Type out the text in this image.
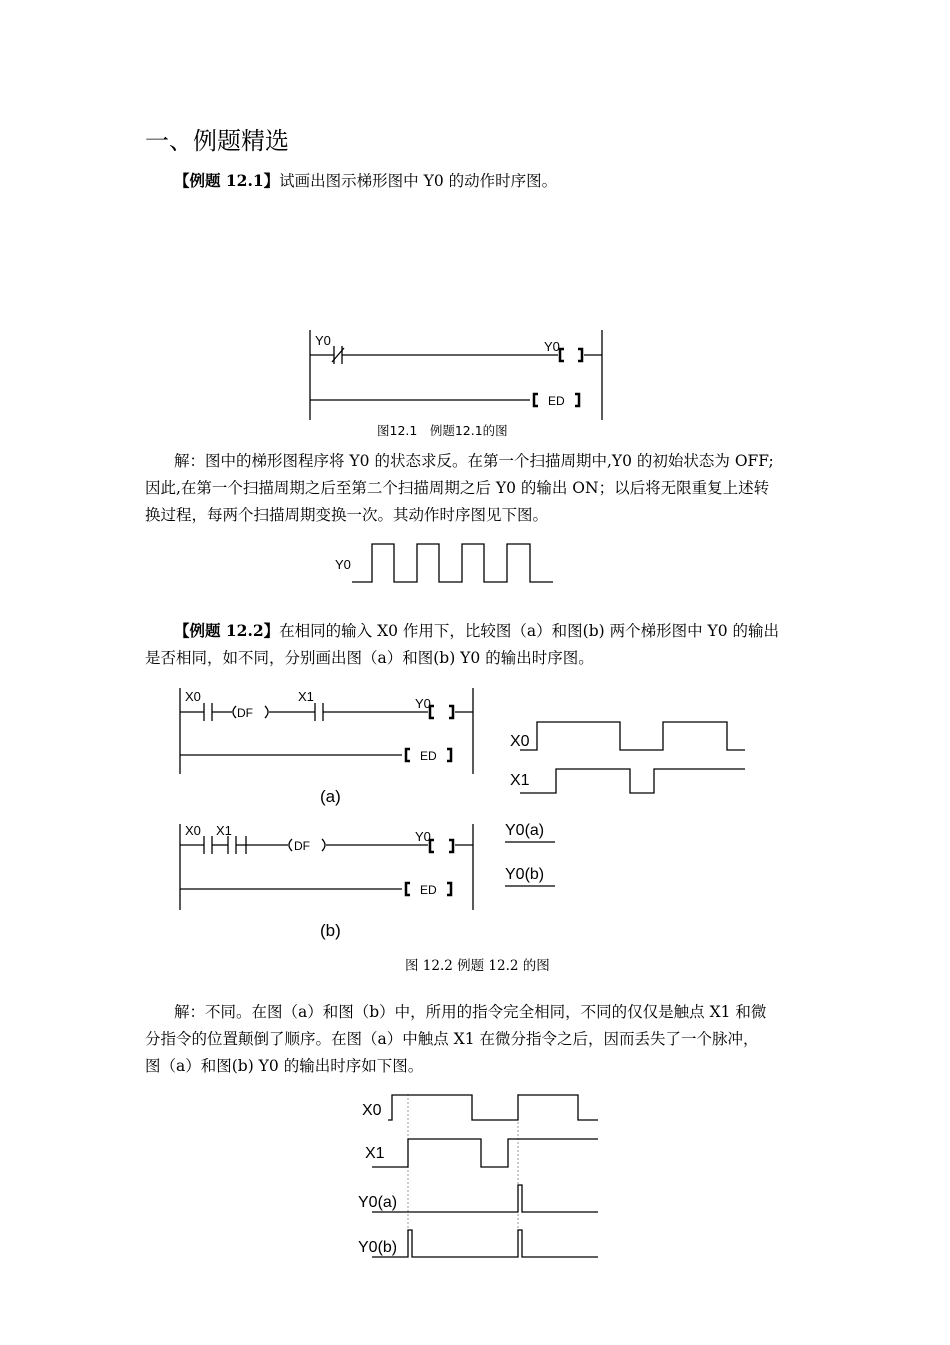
一、例题精选
【例题 12.1】试画出图示梯形图中 Y0 的动作时序图。
Y0	Y0
ED
图12.1　例题12.1的图
解：图中的梯形图程序将 Y0 的状态求反。在第一个扫描周期中,Y0 的初始状态为 OFF;
因此,在第一个扫描周期之后至第二个扫描周期之后 Y0 的输出 ON；以后将无限重复上述转
换过程，每两个扫描周期变换一次。其动作时序图见下图。
Y0
【例题 12.2】在相同的输入 X0 作用下，比较图（a）和图(b) 两个梯形图中 Y0 的输出
是否相同，如不同，分别画出图（a）和图(b) Y0 的输出时序图。
X0
DF
X1	Y0
ED
(a)
X0 X1
DF
Y0
ED
(b)
X0
X1
Y0(a)
Y0(b)
图 12.2 例题 12.2 的图
解：不同。在图（a）和图（b）中，所用的指令完全相同，不同的仅仅是触点 X1 和微
分指令的位置颠倒了顺序。在图（a）中触点 X1 在微分指令之后，因而丢失了一个脉冲，
图（a）和图(b) Y0 的输出时序如下图。
X0
X1
Y0(a)
Y0(b)
